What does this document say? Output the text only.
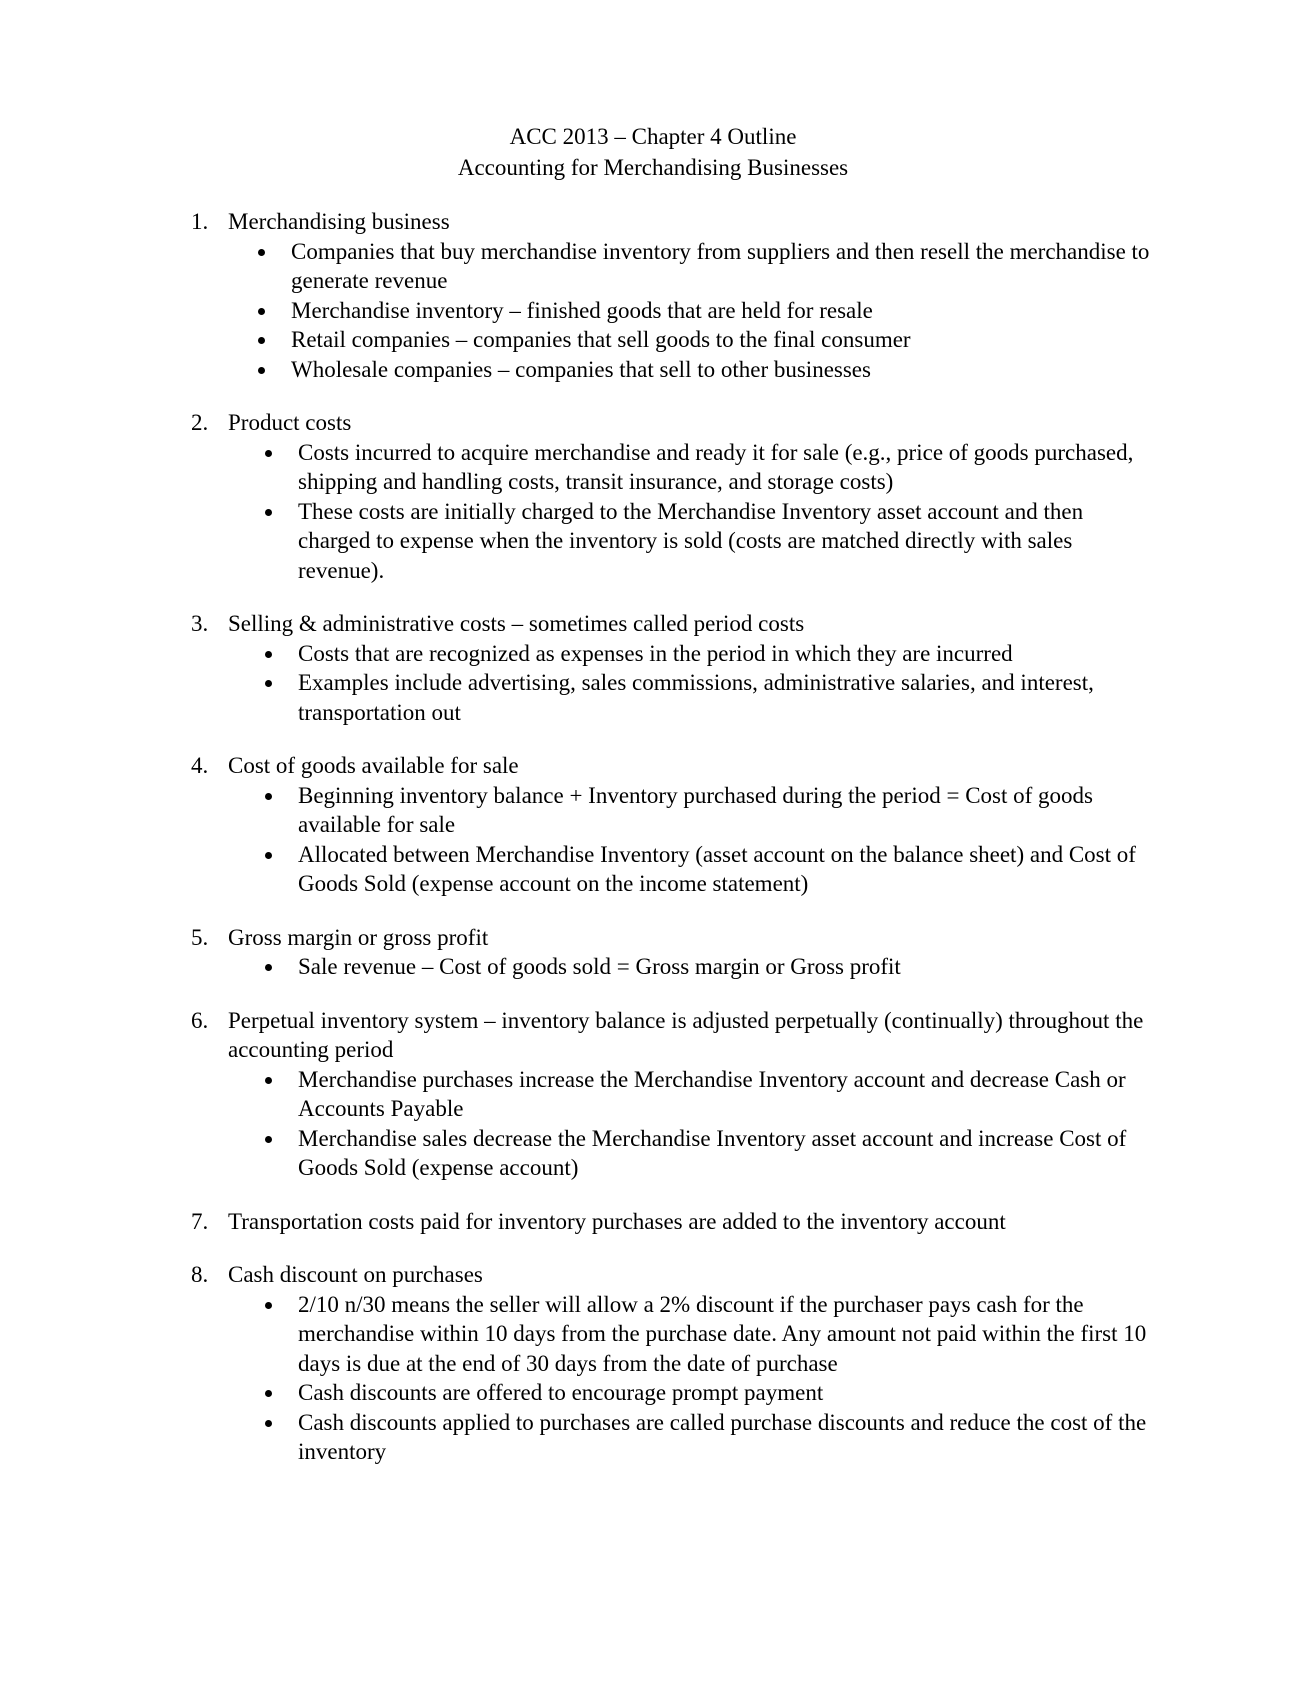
ACC 2013 – Chapter 4 Outline
Accounting for Merchandising Businesses
1. Merchandising business
Companies that buy merchandise inventory from suppliers and then resell the merchandise to generate revenue
Merchandise inventory – finished goods that are held for resale
Retail companies – companies that sell goods to the final consumer
Wholesale companies – companies that sell to other businesses
2. Product costs
Costs incurred to acquire merchandise and ready it for sale (e.g., price of goods purchased, shipping and handling costs, transit insurance, and storage costs)
These costs are initially charged to the Merchandise Inventory asset account and then charged to expense when the inventory is sold (costs are matched directly with sales revenue).
3. Selling & administrative costs – sometimes called period costs
Costs that are recognized as expenses in the period in which they are incurred
Examples include advertising, sales commissions, administrative salaries, and interest, transportation out
4. Cost of goods available for sale
Beginning inventory balance + Inventory purchased during the period = Cost of goods available for sale
Allocated between Merchandise Inventory (asset account on the balance sheet) and Cost of Goods Sold (expense account on the income statement)
5. Gross margin or gross profit
Sale revenue – Cost of goods sold = Gross margin or Gross profit
6. Perpetual inventory system – inventory balance is adjusted perpetually (continually) throughout the accounting period
Merchandise purchases increase the Merchandise Inventory account and decrease Cash or Accounts Payable
Merchandise sales decrease the Merchandise Inventory asset account and increase Cost of Goods Sold (expense account)
7. Transportation costs paid for inventory purchases are added to the inventory account
8. Cash discount on purchases
2/10 n/30 means the seller will allow a 2% discount if the purchaser pays cash for the merchandise within 10 days from the purchase date. Any amount not paid within the first 10 days is due at the end of 30 days from the date of purchase
Cash discounts are offered to encourage prompt payment
Cash discounts applied to purchases are called purchase discounts and reduce the cost of the inventory
